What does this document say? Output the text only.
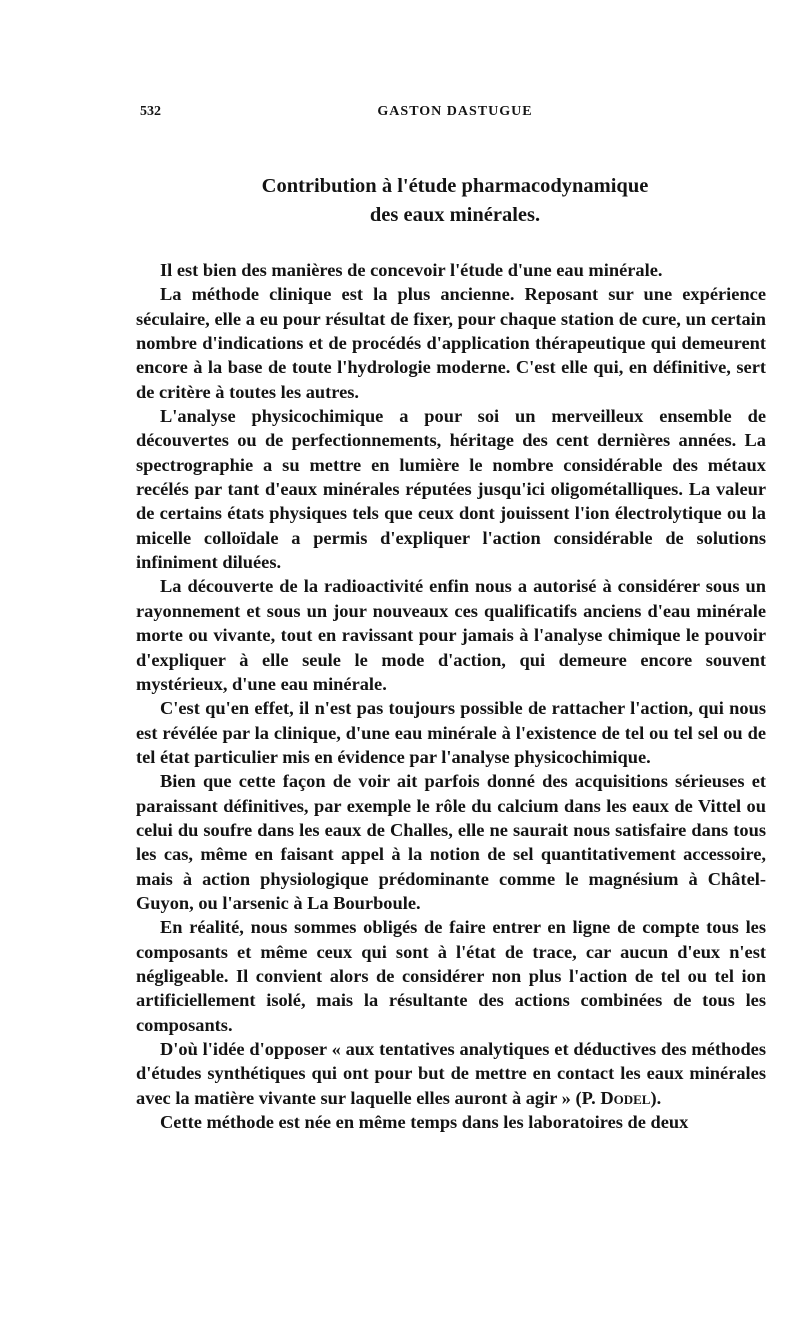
532	GASTON DASTUGUE
Contribution à l'étude pharmacodynamique
des eaux minérales.

Il est bien des manières de concevoir l'étude d'une eau minérale.

La méthode clinique est la plus ancienne. Reposant sur une expérience séculaire, elle a eu pour résultat de fixer, pour chaque station de cure, un certain nombre d'indications et de procédés d'application thérapeutique qui demeurent encore à la base de toute l'hydrologie moderne. C'est elle qui, en définitive, sert de critère à toutes les autres.

L'analyse physicochimique a pour soi un merveilleux ensemble de découvertes ou de perfectionnements, héritage des cent dernières années. La spectrographie a su mettre en lumière le nombre considérable des métaux recélés par tant d'eaux minérales réputées jusqu'ici oligométalliques. La valeur de certains états physiques tels que ceux dont jouissent l'ion électrolytique ou la micelle colloïdale a permis d'expliquer l'action considérable de solutions infiniment diluées.

La découverte de la radioactivité enfin nous a autorisé à considérer sous un rayonnement et sous un jour nouveaux ces qualificatifs anciens d'eau minérale morte ou vivante, tout en ravissant pour jamais à l'analyse chimique le pouvoir d'expliquer à elle seule le mode d'action, qui demeure encore souvent mystérieux, d'une eau minérale.

C'est qu'en effet, il n'est pas toujours possible de rattacher l'action, qui nous est révélée par la clinique, d'une eau minérale à l'existence de tel ou tel sel ou de tel état particulier mis en évidence par l'analyse physicochimique.

Bien que cette façon de voir ait parfois donné des acquisitions sérieuses et paraissant définitives, par exemple le rôle du calcium dans les eaux de Vittel ou celui du soufre dans les eaux de Challes, elle ne saurait nous satisfaire dans tous les cas, même en faisant appel à la notion de sel quantitativement accessoire, mais à action physiologique prédominante comme le magnésium à Châtel-Guyon, ou l'arsenic à La Bourboule.

En réalité, nous sommes obligés de faire entrer en ligne de compte tous les composants et même ceux qui sont à l'état de trace, car aucun d'eux n'est négligeable. Il convient alors de considérer non plus l'action de tel ou tel ion artificiellement isolé, mais la résultante des actions combinées de tous les composants.

D'où l'idée d'opposer « aux tentatives analytiques et déductives des méthodes d'études synthétiques qui ont pour but de mettre en contact les eaux minérales avec la matière vivante sur laquelle elles auront à agir » (P. Dodel).

Cette méthode est née en même temps dans les laboratoires de deux
